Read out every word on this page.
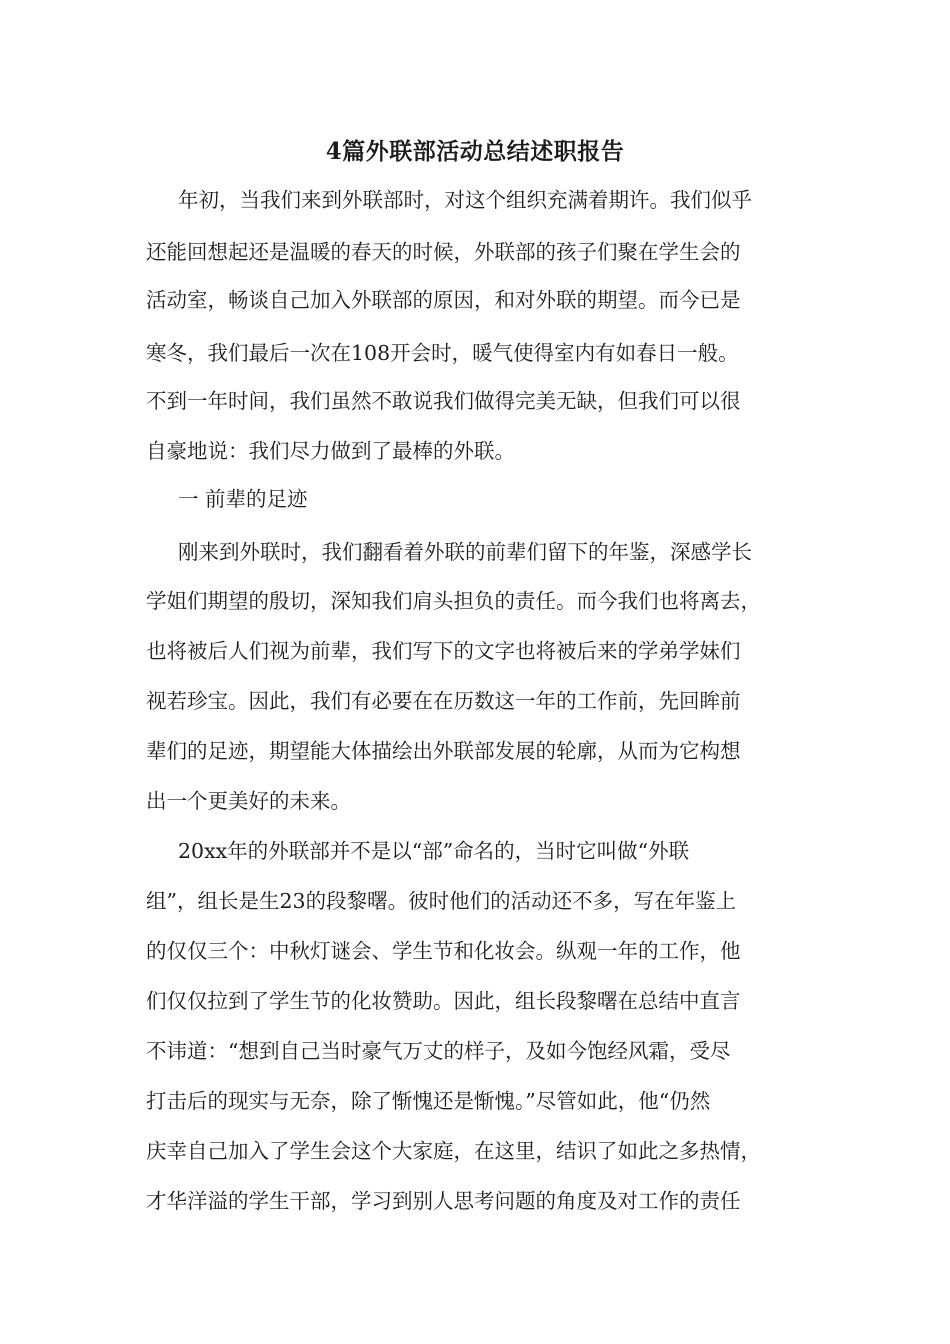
4篇外联部活动总结述职报告
年初，当我们来到外联部时，对这个组织充满着期许。我们似乎
还能回想起还是温暖的春天的时候，外联部的孩子们聚在学生会的
活动室，畅谈自己加入外联部的原因，和对外联的期望。而今已是
寒冬，我们最后一次在108开会时，暖气使得室内有如春日一般。
不到一年时间，我们虽然不敢说我们做得完美无缺，但我们可以很
自豪地说：我们尽力做到了最棒的外联。
一 前辈的足迹
刚来到外联时，我们翻看着外联的前辈们留下的年鉴，深感学长
学姐们期望的殷切，深知我们肩头担负的责任。而今我们也将离去，
也将被后人们视为前辈，我们写下的文字也将被后来的学弟学妹们
视若珍宝。因此，我们有必要在在历数这一年的工作前，先回眸前
辈们的足迹，期望能大体描绘出外联部发展的轮廓，从而为它构想
出一个更美好的未来。
20xx年的外联部并不是以“部”命名的，当时它叫做“外联
组”，组长是生23的段黎曙。彼时他们的活动还不多，写在年鉴上
的仅仅三个：中秋灯谜会、学生节和化妆会。纵观一年的工作，他
们仅仅拉到了学生节的化妆赞助。因此，组长段黎曙在总结中直言
不讳道：“想到自己当时豪气万丈的样子，及如今饱经风霜，受尽
打击后的现实与无奈，除了惭愧还是惭愧。”尽管如此，他“仍然
庆幸自己加入了学生会这个大家庭，在这里，结识了如此之多热情，
才华洋溢的学生干部，学习到别人思考问题的角度及对工作的责任
